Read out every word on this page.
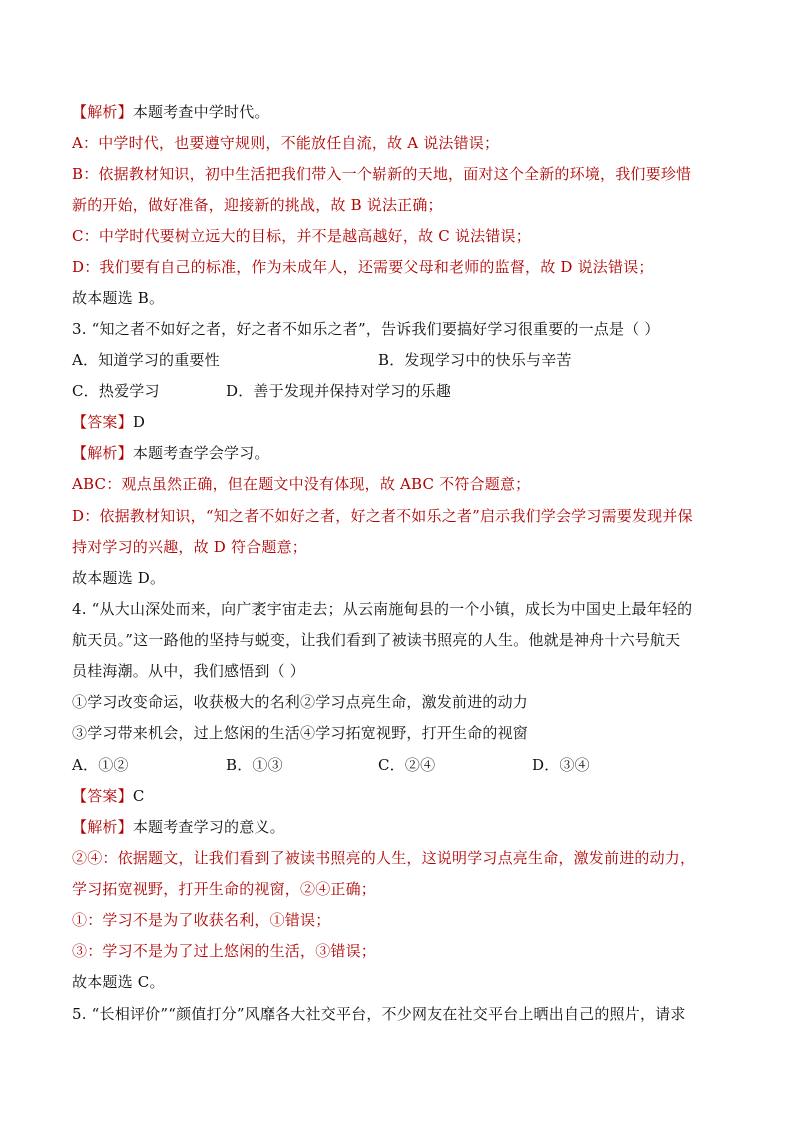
【解析】本题考查中学时代。
A：中学时代，也要遵守规则，不能放任自流，故 A 说法错误；
B：依据教材知识，初中生活把我们带入一个崭新的天地，面对这个全新的环境，我们要珍惜
新的开始，做好准备，迎接新的挑战，故 B 说法正确；
C：中学时代要树立远大的目标，并不是越高越好，故 C 说法错误；
D：我们要有自己的标准，作为未成年人，还需要父母和老师的监督，故 D 说法错误；
故本题选 B。
3. “知之者不如好之者，好之者不如乐之者”，告诉我们要搞好学习很重要的一点是（ ）
A．知道学习的重要性	B．发现学习中的快乐与辛苦
C．热爱学习	D．善于发现并保持对学习的乐趣
【答案】D
【解析】本题考查学会学习。
ABC：观点虽然正确，但在题文中没有体现，故 ABC 不符合题意；
D：依据教材知识，“知之者不如好之者，好之者不如乐之者”启示我们学会学习需要发现并保
持对学习的兴趣，故 D 符合题意；
故本题选 D。
4. “从大山深处而来，向广袤宇宙走去；从云南施甸县的一个小镇，成长为中国史上最年轻的
航天员。”这一路他的坚持与蜕变，让我们看到了被读书照亮的人生。他就是神舟十六号航天
员桂海潮。从中，我们感悟到（ ）
①学习改变命运，收获极大的名利②学习点亮生命，激发前进的动力
③学习带来机会，过上悠闲的生活④学习拓宽视野，打开生命的视窗
A．①②	B．①③	C．②④	D．③④
【答案】C
【解析】本题考查学习的意义。
②④：依据题文，让我们看到了被读书照亮的人生，这说明学习点亮生命，激发前进的动力，
学习拓宽视野，打开生命的视窗，②④正确；
①：学习不是为了收获名利，①错误；
③：学习不是为了过上悠闲的生活，③错误；
故本题选 C。
5. “长相评价”“颜值打分”风靡各大社交平台，不少网友在社交平台上晒出自己的照片，请求
